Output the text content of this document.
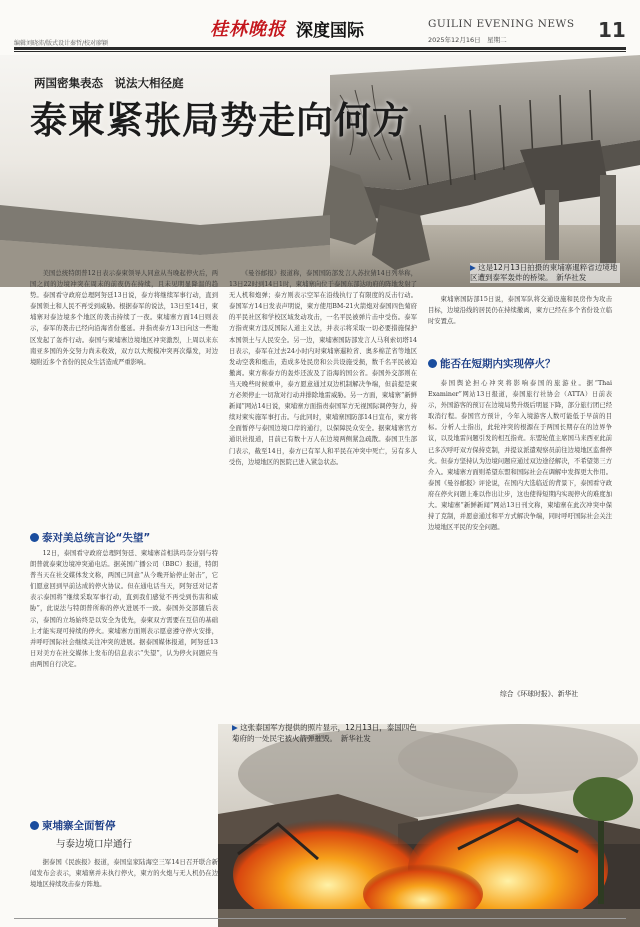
编辑刘晓沛/版式设计秦哲/校对廖颖
桂林晚报 深度国际	GUILIN EVENING NEWS
2025年12月16日　星期二	11
两国密集表态　说法大相径庭
泰柬紧张局势走向何方
▶ 这是12月13日拍摄的柬埔寨暹粹省边境地区遭到泰军轰炸的桥梁。　新华社发

美国总统特朗普12日表示泰柬领导人同意从当晚起停火后，两国之间的边境冲突在周末的前夜仍在持续，且未见明显降温的趋势。泰国看守政府总理阿努廷13日说，泰方将继续军事行动，直到泰国领土和人民不再受到威胁。根据泰军的说法，13日至14日，柬埔寨对泰边境多个地区的袭击持续了一夜。柬埔寨方面14日则表示，泰军的袭击已经向沿海省份蔓延。并指责泰方13日向这一些地区发起了轰炸行动。泰国与柬埔寨边境地区冲突激烈，上周以来东南亚多国的外交努力尚未收效，双方以大规模冲突再次爆发，对边境附近多个省份的民众生活造成严重影响。

泰对美总统言论“失望”

12日，泰国看守政府总理阿努廷、柬埔寨首相洪玛奈分别与特朗普就泰柬边境冲突通电话。据英国广播公司（BBC）报道，特朗普当天在社交媒体发文称，两国已同意“从今晚开始停止射击”，它们愿意回到早前达成的停火协议。但在通电话当天，阿努廷对记者表示泰国将“继续采取军事行动，直到我们感觉不再受到伤害和威胁”，此说法与特朗普所称的停火进展不一致。泰国外交部随后表示，泰国的立场始终是以安全为优先，泰柬双方需要在互信的基础上才能实现可持续的停火。柬埔寨方面则表示愿意遵守停火安排，并呼吁国际社会继续关注冲突的进展。据泰国媒体报道，阿努廷13日对美方在社交媒体上发布的信息表示“失望”，认为停火问题应当由两国自行决定。

柬埔寨全面暂停
与泰边境口岸通行

据泰国《民族报》报道，泰国皇家陆海空三军14日召开联合新闻发布会表示，柬埔寨并未执行停火，柬方的火炮与无人机仍在边境地区持续攻击泰方阵地。

《曼谷邮报》报道称，泰国国防部发言人苏拉猜14日列举称，13日22时到14日1时，柬埔寨向位于泰国东部达叻府的阵地发射了无人机和炮弹；泰方则表示空军在沿线执行了有限度的反击行动。泰国军方14日发表声明说，柬方使用BM-21火箭炮对泰国四色菊府的平民社区和学校区域发动攻击，一名平民被弹片击中受伤。泰军方指责柬方违反国际人道主义法，并表示将采取一切必要措施保护本国领土与人民安全。另一边，柬埔寨国防部发言人马利索切塔14日表示，泰军在过去24小时内对柬埔寨暹粒省、奥多棉芷省等地区发动空袭和炮击，造成多处民房和公共设施受损，数千名平民被迫撤离。柬方称泰方的轰炸还波及了沿海的国公省。泰国外交部则在当天晚些时候重申，泰方愿意通过双边机制解决争端，但前提是柬方必须停止一切敌对行动并排除地雷威胁。另一方面，柬埔寨“新鲜新闻”网站14日说，柬埔寨方面指责泰国军方无视国际调停努力，持续对柬实施军事打击。与此同时，柬埔寨国防部14日宣布，柬方将全面暂停与泰国边境口岸的通行，以保障民众安全。据柬埔寨官方通讯社报道，目前已有数十万人在边境两侧紧急疏散。泰国卫生部门表示，截至14日，泰方已有军人和平民在冲突中死亡，另有多人受伤，边境地区的医院已进入紧急状态。

柬埔寨国防部15日说，泰国军队将交通设施和民房作为攻击目标，边境沿线的居民仍在持续撤离，柬方已经在多个省份设立临时安置点。

能否在短期内实现停火？

泰国舆论担心冲突将影响泰国的旅游业。据“Thai Examiner”网站13日报道，泰国旅行社协会（ATTA）日前表示，外国游客的预订在边境局势升级后明显下降，部分旅行团已经取消行程。泰国官方预计，今年入境游客人数可能低于早前的目标。分析人士指出，此轮冲突的根源在于两国长期存在的边界争议，以及地雷问题引发的相互指责。东盟轮值主席国马来西亚此前已多次呼吁双方保持克制，并提议派遣观察员前往边境地区监督停火。但泰方坚持认为边境问题应通过双边途径解决，不希望第三方介入。柬埔寨方面则希望东盟和国际社会在调解中发挥更大作用。泰国《曼谷邮报》评论说，在国内大选临近的背景下，泰国看守政府在停火问题上难以作出让步，这也使得短期内实现停火的难度加大。柬埔寨“新鲜新闻”网站13日刊文称，柬埔寨在此次冲突中保持了克制，并愿意通过和平方式解决争端，同时呼吁国际社会关注边境地区平民的安全问题。

综合《环球时报》、新华社
▶ 这张泰国军方提供的照片显示，12月13日，泰国四色菊府的一处民宅被火箭弹摧毁。　新华社发
